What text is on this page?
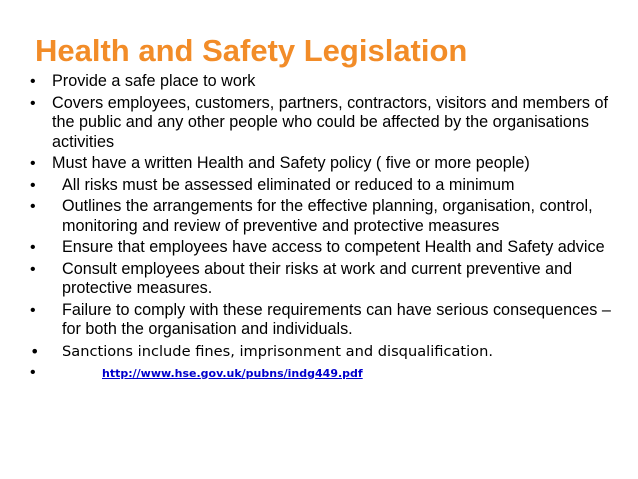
Health and Safety Legislation
• Provide a safe place to work
• Covers employees, customers, partners, contractors, visitors and members of the public and any other people who could be affected by the organisations activities
• Must have a written Health and Safety policy ( five or more people)
• All risks must be assessed eliminated or reduced to a minimum
• Outlines the arrangements for the effective planning, organisation, control, monitoring and review of preventive and protective measures
• Ensure that employees have access to competent Health and Safety advice
• Consult employees about their risks at work and current preventive and protective measures.
• Failure to comply with these requirements can have serious consequences – for both the organisation and individuals.
• Sanctions include fines, imprisonment and disqualification.
•	http://www.hse.gov.uk/pubns/indg449.pdf
